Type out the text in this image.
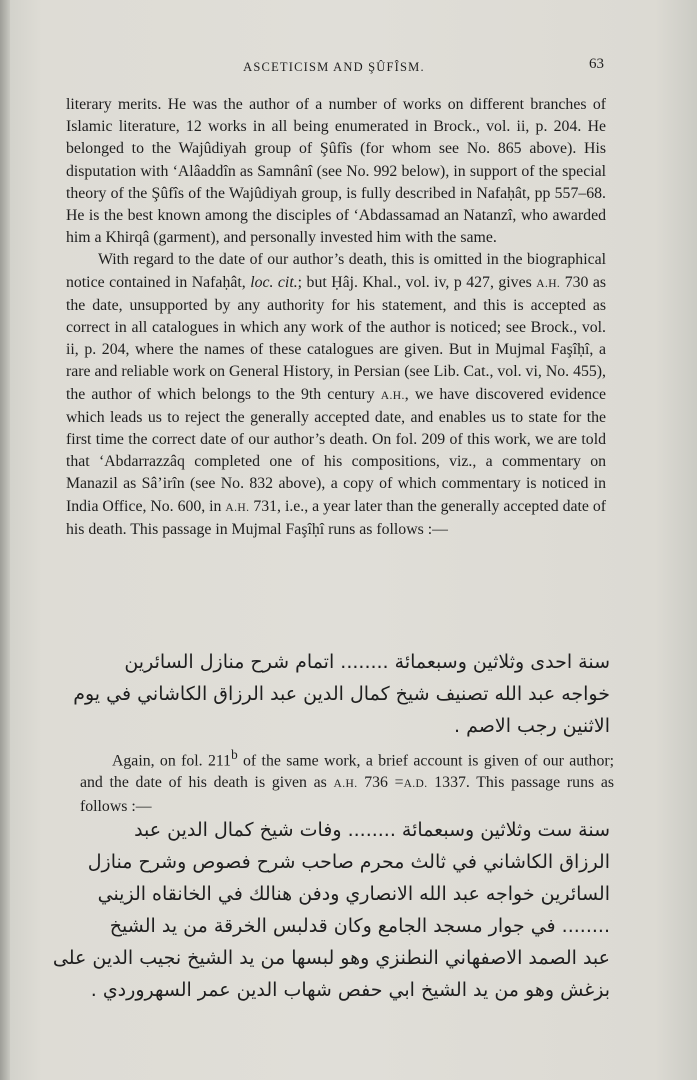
ASCETICISM AND ŞÛFÎSM.	63

literary merits. He was the author of a number of works on different branches of Islamic literature, 12 works in all being enumerated in Brock., vol. ii, p. 204. He belonged to the Wajûdiyah group of Şûfîs (for whom see No. 865 above). His disputation with ‘Alâaddîn as Samnânî (see No. 992 below), in support of the special theory of the Şûfîs of the Wajûdiyah group, is fully described in Nafaḥât, pp 557–68. He is the best known among the disciples of ‘Abdassamad an Natanzî, who awarded him a Khirqâ (garment), and personally invested him with the same.

With regard to the date of our author’s death, this is omitted in the biographical notice contained in Nafaḥât, loc. cit.; but Ḥâj. Khal., vol. iv, p 427, gives A.H. 730 as the date, unsupported by any authority for his statement, and this is accepted as correct in all catalogues in which any work of the author is noticed; see Brock., vol. ii, p. 204, where the names of these catalogues are given. But in Mujmal Faşîḥî, a rare and reliable work on General History, in Persian (see Lib. Cat., vol. vi, No. 455), the author of which belongs to the 9th century A.H., we have discovered evidence which leads us to reject the generally accepted date, and enables us to state for the first time the correct date of our author’s death. On fol. 209 of this work, we are told that ‘Abdarrazzâq completed one of his compositions, viz., a commentary on Manazil as Sâ’irîn (see No. 832 above), a copy of which commentary is noticed in India Office, No. 600, in A.H. 731, i.e., a year later than the generally accepted date of his death. This passage in Mujmal Faşîḥî runs as follows :—

سنة احدى وثلاثين وسبعمائة ........ اتمام شرح منازل السائرين
خواجه عبد الله تصنيف شيخ كمال الدين عبد الرزاق الكاشاني في يوم
الاثنين رجب الاصم .

Again, on fol. 211$^b$ of the same work, a brief account is given of our author; and the date of his death is given as A.H. 736 =A.D. 1337. This passage runs as follows :—

سنة ست وثلاثين وسبعمائة ........ وفات شيخ كمال الدين عبد
الرزاق الكاشاني في ثالث محرم صاحب شرح فصوص وشرح منازل
السائرين خواجه عبد الله الانصاري ودفن هنالك في الخانقاه الزيني
........ في جوار مسجد الجامع وكان قدلبس الخرقة من يد الشيخ
عبد الصمد الاصفهاني النطنزي وهو لبسها من يد الشيخ نجيب الدين على
بزغش وهو من يد الشيخ ابي حفص شهاب الدين عمر السهروردي .
